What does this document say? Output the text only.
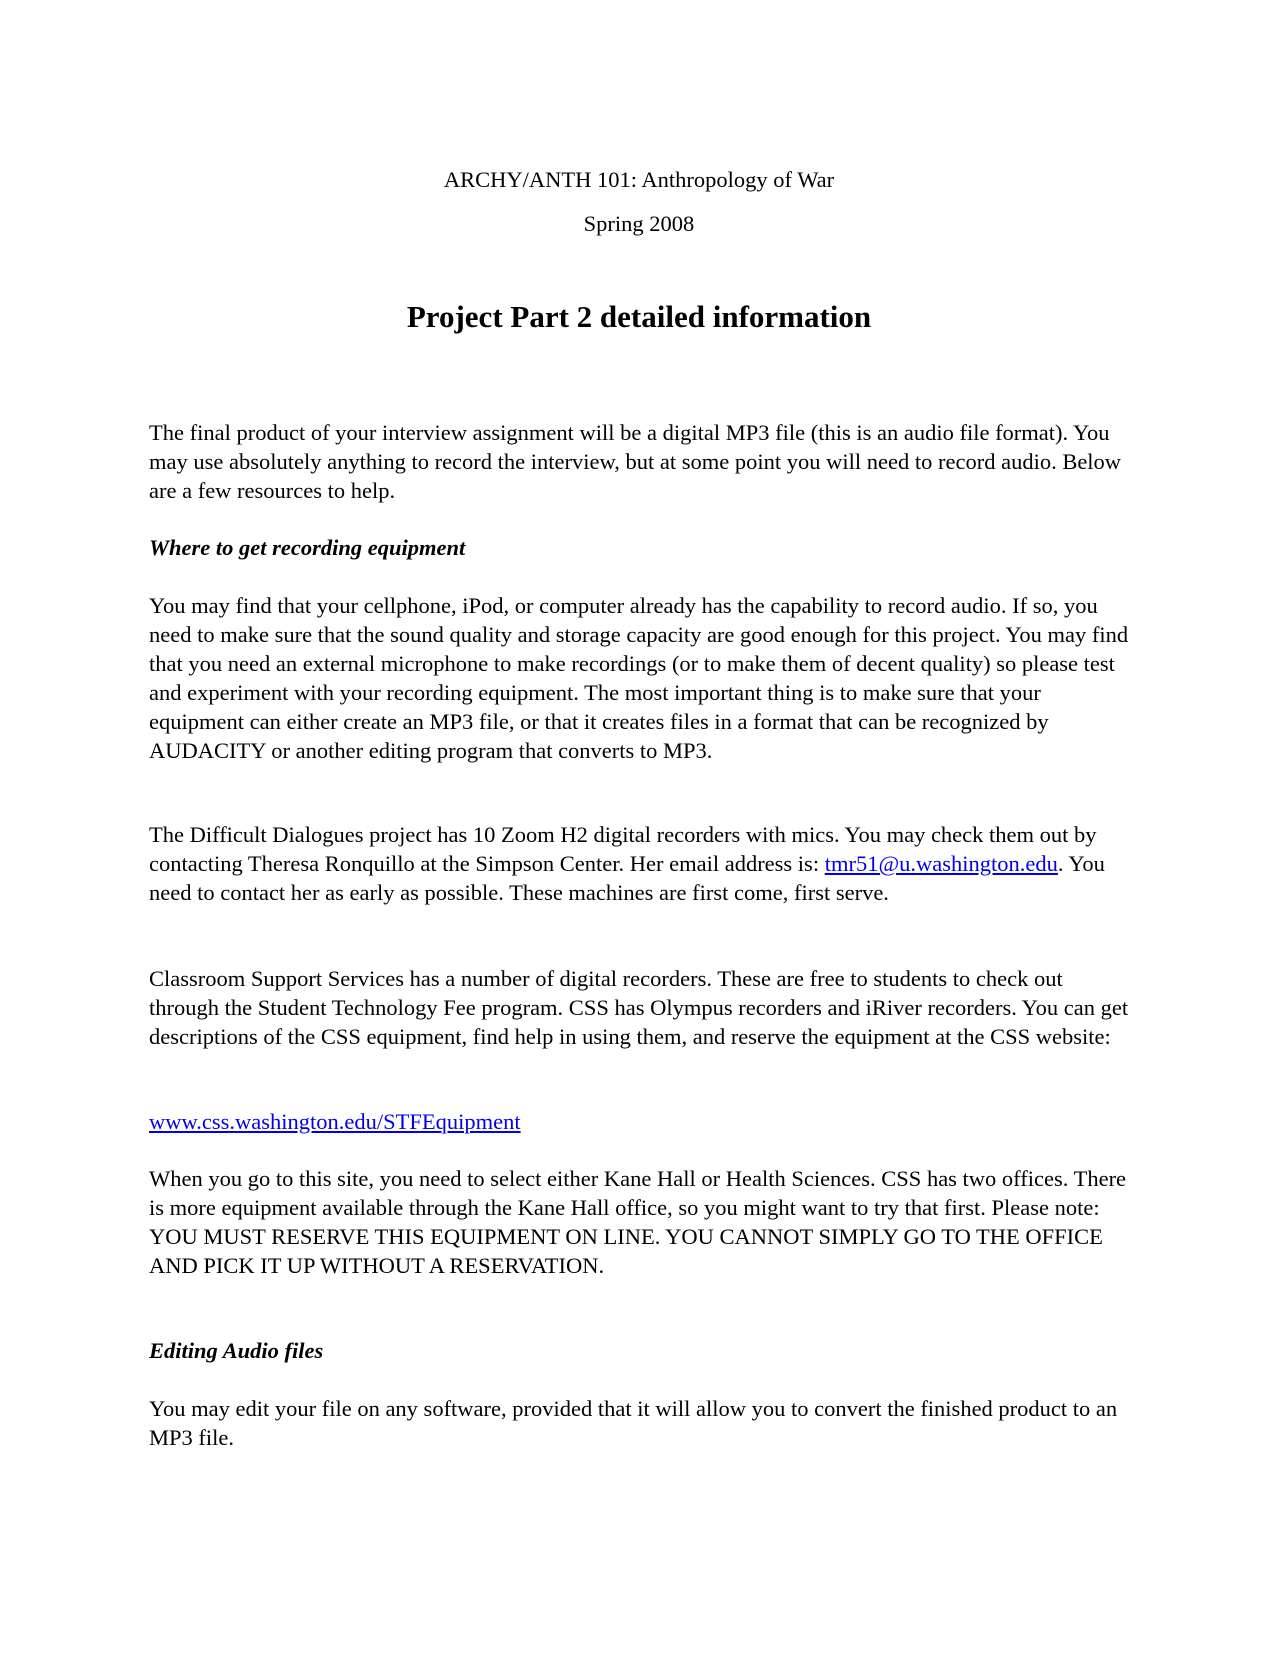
ARCHY/ANTH 101: Anthropology of War
Spring 2008
Project Part 2 detailed information

The final product of your interview assignment will be a digital MP3 file (this is an audio file format). You may use absolutely anything to record the interview, but at some point you will need to record audio. Below are a few resources to help.

Where to get recording equipment

You may find that your cellphone, iPod, or computer already has the capability to record audio. If so, you need to make sure that the sound quality and storage capacity are good enough for this project. You may find that you need an external microphone to make recordings (or to make them of decent quality) so please test and experiment with your recording equipment. The most important thing is to make sure that your equipment can either create an MP3 file, or that it creates files in a format that can be recognized by AUDACITY or another editing program that converts to MP3.

The Difficult Dialogues project has 10 Zoom H2 digital recorders with mics. You may check them out by contacting Theresa Ronquillo at the Simpson Center. Her email address is: tmr51@u.washington.edu. You need to contact her as early as possible. These machines are first come, first serve.

Classroom Support Services has a number of digital recorders. These are free to students to check out through the Student Technology Fee program. CSS has Olympus recorders and iRiver recorders. You can get descriptions of the CSS equipment, find help in using them, and reserve the equipment at the CSS website:

www.css.washington.edu/STFEquipment

When you go to this site, you need to select either Kane Hall or Health Sciences. CSS has two offices. There is more equipment available through the Kane Hall office, so you might want to try that first. Please note: YOU MUST RESERVE THIS EQUIPMENT ON LINE. YOU CANNOT SIMPLY GO TO THE OFFICE AND PICK IT UP WITHOUT A RESERVATION.

Editing Audio files

You may edit your file on any software, provided that it will allow you to convert the finished product to an MP3 file.
